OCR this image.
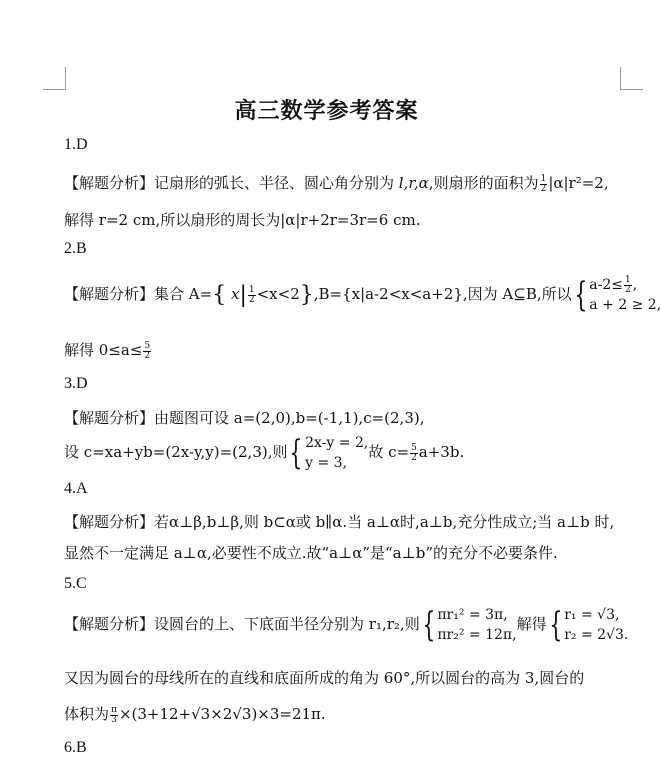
高三数学参考答案
1.D
【解题分析】记扇形的弧长、半径、圆心角分别为 l,r,α,则扇形的面积为 $\frac{1}{2} |\alpha|r^2=2$,
解得 r=2 cm,所以扇形的周长为|α|r+2r=3r=6 cm.
2.B
【解题分析】集合 A={ $x| \frac{1}{2} <x<2\},B=\{x|a-2<x<a+2\}$,因为 A⊆B,所以{ $a-2\le \frac{1}{2}$ ,
a + 2 ≥ 2,
解得 $0\le a\le \frac{5}{2}$
3.D
【解题分析】由题图可设 a=(2,0),b=(-1,1),c=(2,3),
设 c=xa+yb=(2x-y,y)=(2,3),则{ 2x-y = 2,
y = 3,故 $c= \frac{5}{2} a+3b$.
4.A
【解题分析】若α⊥β,b⊥β,则 b⊂α或 b∥α.当 a⊥α时,a⊥b,充分性成立;当 a⊥b 时,
显然不一定满足 a⊥α,必要性不成立.故“a⊥α”是“a⊥b”的充分不必要条件.
5.C
【解题分析】设圆台的上、下底面半径分别为 r₁,r₂,则{ πr₁² = 3π,
πr₂² = 12π,解得{ r₁ = √3,
r₂ = 2√3.
又因为圆台的母线所在的直线和底面所成的角为 60°,所以圆台的高为 3,圆台的
体积为 $\frac{\pi}{3} \times(3+12+√3\times 2√3)\times 3=21\pi$.
6.B
